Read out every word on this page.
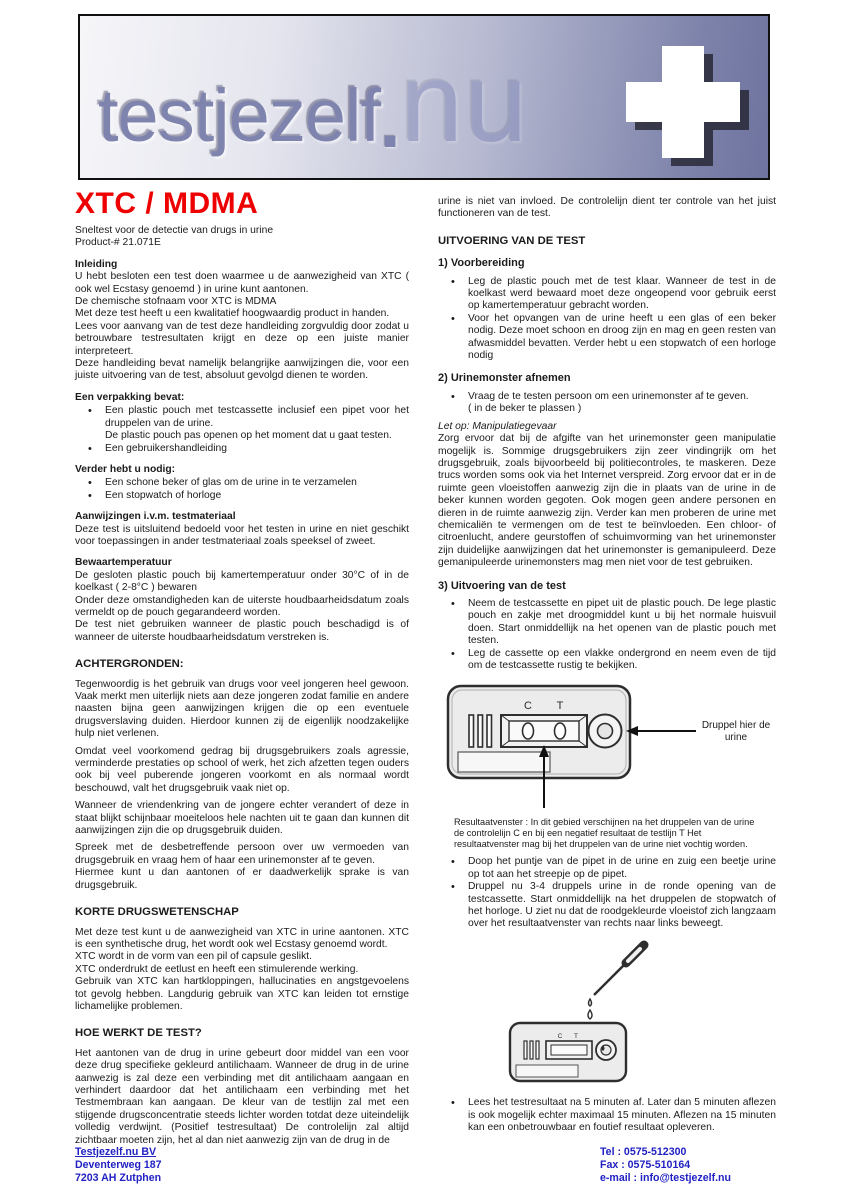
testjezelf.nu
XTC / MDMA

Sneltest voor de detectie van drugs in urine

Product-# 21.071E

Inleiding

U hebt besloten een test doen waarmee u de aanwezigheid van XTC ( ook wel Ecstasy genoemd ) in urine kunt aantonen.

De chemische stofnaam voor XTC is MDMA

Met deze test heeft u een kwalitatief hoogwaardig product in handen.

Lees voor aanvang van de test deze handleiding zorgvuldig door zodat u betrouwbare testresultaten krijgt en deze op een juiste manier interpreteert.

Deze handleiding bevat namelijk belangrijke aanwijzingen die, voor een juiste uitvoering van de test, absoluut gevolgd dienen te worden.

Een verpakking bevat:

• Een plastic pouch met testcassette inclusief een pipet voor het druppelen van de urine.

De plastic pouch pas openen op het moment dat u gaat testen.

• Een gebruikershandleiding

Verder hebt u nodig:

• Een schone beker of glas om de urine in te verzamelen

• Een stopwatch of horloge

Aanwijzingen i.v.m. testmateriaal

Deze test is uitsluitend bedoeld voor het testen in urine en niet geschikt voor toepassingen in ander testmateriaal zoals speeksel of zweet.

Bewaartemperatuur

De gesloten plastic pouch bij kamertemperatuur onder 30°C of in de koelkast ( 2-8°C ) bewaren

Onder deze omstandigheden kan de uiterste houdbaarheidsdatum zoals vermeldt op de pouch gegarandeerd worden.

De test niet gebruiken wanneer de plastic pouch beschadigd is of wanneer de uiterste houdbaarheidsdatum verstreken is.

ACHTERGRONDEN:

Tegenwoordig is het gebruik van drugs voor veel jongeren heel gewoon. Vaak merkt men uiterlijk niets aan deze jongeren zodat familie en andere naasten bijna geen aanwijzingen krijgen die op een eventuele drugsverslaving duiden. Hierdoor kunnen zij de eigenlijk noodzakelijke hulp niet verlenen.

Omdat veel voorkomend gedrag bij drugsgebruikers zoals agressie, verminderde prestaties op school of werk, het zich afzetten tegen ouders ook bij veel puberende jongeren voorkomt en als normaal wordt beschouwd, valt het drugsgebruik vaak niet op.

Wanneer de vriendenkring van de jongere echter verandert of deze in staat blijkt schijnbaar moeiteloos hele nachten uit te gaan dan kunnen dit aanwijzingen zijn die op drugsgebruik duiden.

Spreek met de desbetreffende persoon over uw vermoeden van drugsgebruik en vraag hem of haar een urinemonster af te geven.

Hiermee kunt u dan aantonen of er daadwerkelijk sprake is van drugsgebruik.

KORTE DRUGSWETENSCHAP

Met deze test kunt u de aanwezigheid van XTC in urine aantonen. XTC is een synthetische drug, het wordt ook wel Ecstasy genoemd wordt.

XTC wordt in de vorm van een pil of capsule geslikt.

XTC onderdrukt de eetlust en heeft een stimulerende werking.

Gebruik van XTC kan hartkloppingen, hallucinaties en angstgevoelens tot gevolg hebben. Langdurig gebruik van XTC kan leiden tot ernstige lichamelijke problemen.

HOE WERKT DE TEST?

Het aantonen van de drug in urine gebeurt door middel van een voor deze drug specifieke gekleurd antilichaam. Wanneer de drug in de urine aanwezig is zal deze een verbinding met dit antilichaam aangaan en verhindert daardoor dat het antilichaam een verbinding met het Testmembraan kan aangaan. De kleur van de testlijn zal met een stijgende drugsconcentratie steeds lichter worden totdat deze uiteindelijk volledig verdwijnt. (Positief testresultaat) De controlelijn zal altijd zichtbaar moeten zijn, het al dan niet aanwezig zijn van de drug in de

urine is niet van invloed. De controlelijn dient ter controle van het juist functioneren van de test.

UITVOERING VAN DE TEST
1) Voorbereiding

• Leg de plastic pouch met de test klaar. Wanneer de test in de koelkast werd bewaard moet deze ongeopend voor gebruik eerst op kamertemperatuur gebracht worden.

• Voor het opvangen van de urine heeft u een glas of een beker nodig. Deze moet schoon en droog zijn en mag en geen resten van afwasmiddel bevatten. Verder hebt u een stopwatch of een horloge nodig

2) Urinemonster afnemen

• Vraag de te testen persoon om een urinemonster af te geven.

( in de beker te plassen )

Let op: Manipulatiegevaar

Zorg ervoor dat bij de afgifte van het urinemonster geen manipulatie mogelijk is. Sommige drugsgebruikers zijn zeer vindingrijk om het drugsgebruik, zoals bijvoorbeeld bij politiecontroles, te maskeren. Deze trucs worden soms ook via het Internet verspreid. Zorg ervoor dat er in de ruimte geen vloeistoffen aanwezig zijn die in plaats van de urine in de beker kunnen worden gegoten. Ook mogen geen andere personen en dieren in de ruimte aanwezig zijn. Verder kan men proberen de urine met chemicaliën te vermengen om de test te beïnvloeden. Een chloor- of citroenlucht, andere geurstoffen of schuimvorming van het urinemonster zijn duidelijke aanwijzingen dat het urinemonster is gemanipuleerd. Deze gemanipuleerde urinemonsters mag men niet voor de test gebruiken.

3) Uitvoering van de test

• Neem de testcassette en pipet uit de plastic pouch. De lege plastic pouch en zakje met droogmiddel kunt u bij het normale huisvuil doen. Start onmiddellijk na het openen van de plastic pouch met testen.

• Leg de cassette op een vlakke ondergrond en neem even de tijd om de testcassette rustig te bekijken.

C T
Druppel hier de
urine

Resultaatvenster : In dit gebied verschijnen na het druppelen van de urine de controlelijn C en bij een negatief resultaat de testlijn T Het resultaatvenster mag bij het druppelen van de urine niet vochtig worden.

• Doop het puntje van de pipet in de urine en zuig een beetje urine op tot aan het streepje op de pipet.

• Druppel nu 3-4 druppels urine in de ronde opening van de testcassette. Start onmiddellijk na het druppelen de stopwatch of het horloge. U ziet nu dat de roodgekleurde vloeistof zich langzaam over het resultaatvenster van rechts naar links beweegt.

C T

• Lees het testresultaat na 5 minuten af. Later dan 5 minuten aflezen is ook mogelijk echter maximaal 15 minuten. Aflezen na 15 minuten kan een onbetrouwbaar en foutief resultaat opleveren.

Testjezelf.nu BV
Deventerweg 187
7203 AH Zutphen
Tel : 0575-512300
Fax : 0575-510164
e-mail : info@testjezelf.nu
